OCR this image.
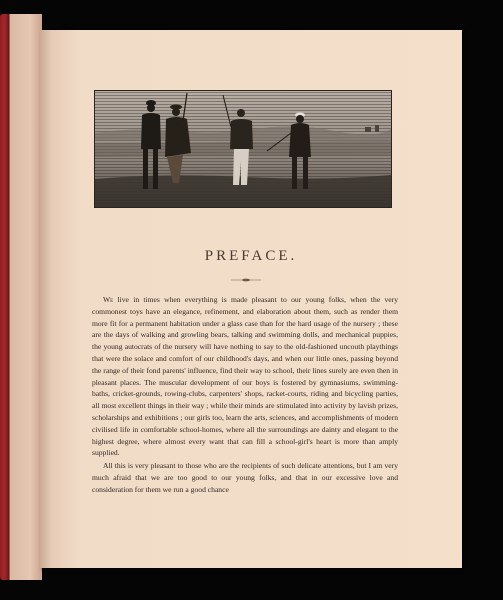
PREFACE.

We live in times when everything is made pleasant to our young folks, when the very commonest toys have an elegance, refinement, and elaboration about them, such as render them more fit for a permanent habitation under a glass case than for the hard usage of the nursery ; these are the days of walking and growling bears, talking and swimming dolls, and mechanical puppies, the young autocrats of the nursery will have nothing to say to the old-fashioned uncouth playthings that were the solace and comfort of our childhood's days, and when our little ones, passing beyond the range of their fond parents' influence, find their way to school, their lines surely are even then in pleasant places. The muscular development of our boys is fostered by gymnasiums, swimming-baths, cricket-grounds, rowing-clubs, carpenters' shops, racket-courts, riding and bicycling parties, all most excellent things in their way ; while their minds are stimulated into activity by lavish prizes, scholarships and exhibitions ; our girls too, learn the arts, sciences, and accomplishments of modern civilised life in comfortable school-homes, where all the surroundings are dainty and elegant to the highest degree, where almost every want that can fill a school-girl's heart is more than amply supplied.

All this is very pleasant to those who are the recipients of such delicate attentions, but I am very much afraid that we are too good to our young folks, and that in our excessive love and consideration for them we run a good chance
